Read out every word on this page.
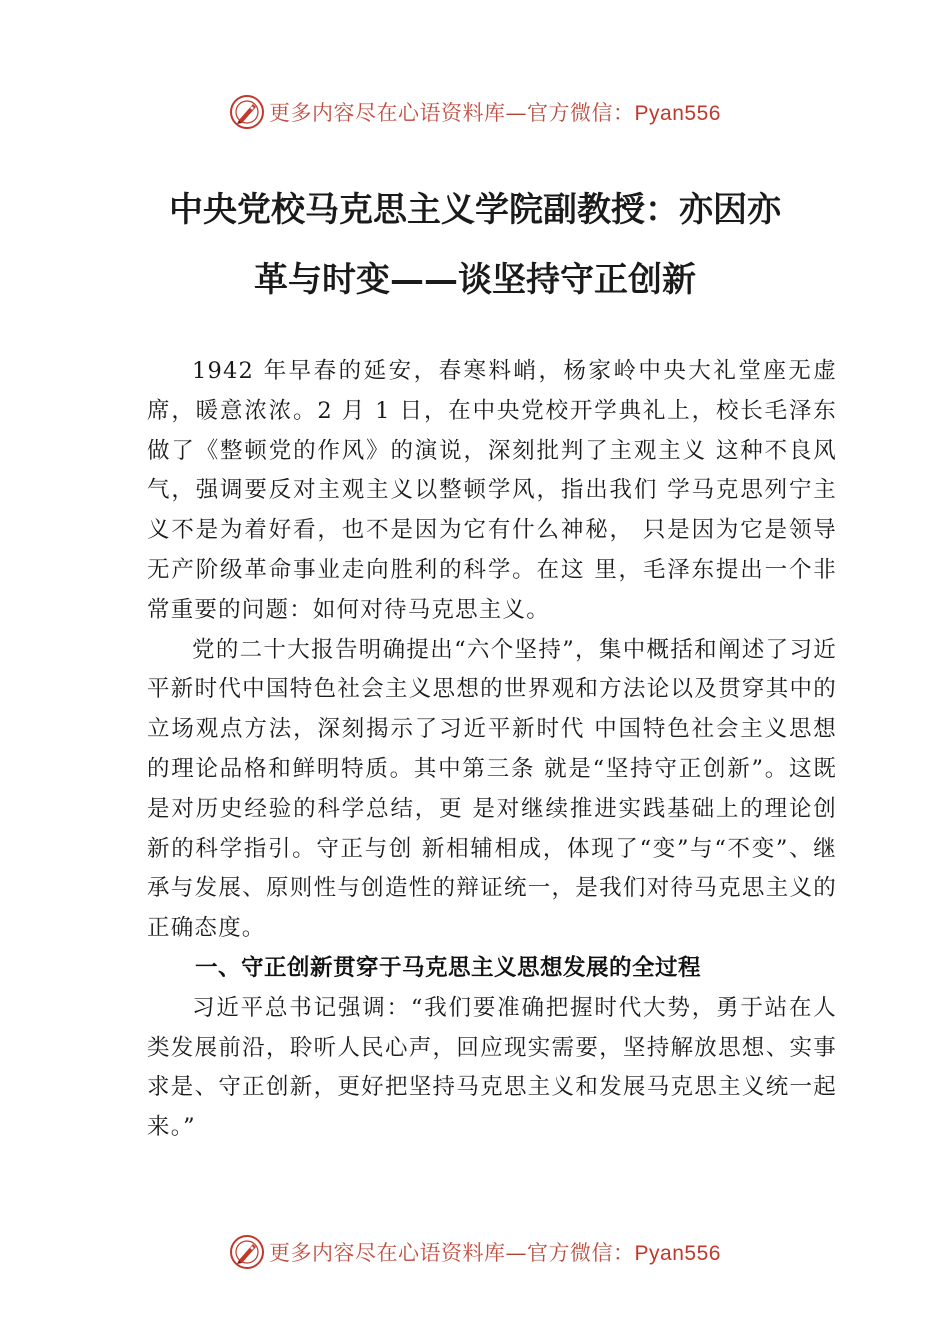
更多内容尽在心语资料库—官方微信：Pyan556
中央党校马克思主义学院副教授：亦因亦
革与时变——谈坚持守正创新

1942 年早春的延安，春寒料峭，杨家岭中央大礼堂座无虚席，暖意浓浓。2 月 1 日，在中央党校开学典礼上，校长毛泽东做了《整顿党的作风》的演说，深刻批判了主观主义 这种不良风气，强调要反对主观主义以整顿学风，指出我们 学马克思列宁主义不是为着好看，也不是因为它有什么神秘， 只是因为它是领导无产阶级革命事业走向胜利的科学。在这 里，毛泽东提出一个非常重要的问题：如何对待马克思主义。

党的二十大报告明确提出“六个坚持”，集中概括和阐述了习近平新时代中国特色社会主义思想的世界观和方法论以及贯穿其中的立场观点方法，深刻揭示了习近平新时代 中国特色社会主义思想的理论品格和鲜明特质。其中第三条 就是“坚持守正创新”。这既是对历史经验的科学总结，更 是对继续推进实践基础上的理论创新的科学指引。守正与创 新相辅相成，体现了“变”与“不变”、继承与发展、原则性与创造性的辩证统一，是我们对待马克思主义的正确态度。

一、守正创新贯穿于马克思主义思想发展的全过程

习近平总书记强调：“我们要准确把握时代大势，勇于站在人类发展前沿，聆听人民心声，回应现实需要，坚持解放思想、实事求是、守正创新，更好把坚持马克思主义和发展马克思主义统一起来。”

更多内容尽在心语资料库—官方微信：Pyan556
